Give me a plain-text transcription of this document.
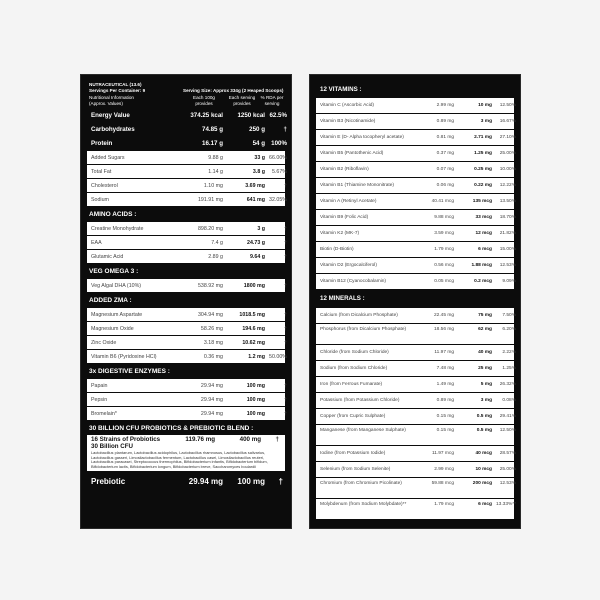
NUTRACEUTICAL (13.6)
Servings Per Container: 9
Nutritional Information (Approx. Values)
Serving Size: Approx 334g (2 Heaped Scoops)
Each 100g provides
Each serving provides
% RDA per serving
Energy Value	374.25 kcal	1250 kcal 62.5%
Carbohydrates	74.85 g	250 g	†
Protein	16.17 g	54 g 100%
Added Sugars	9.88 g	33 g 66.00%
Total Fat	1.14 g	3.8 g	5.67%
Cholesterol	1.10 mg	3.69 mg	†
Sodium	191.91 mg	641 mg 32.05%
AMINO ACIDS :
Creatine Monohydrate	898.20 mg	3 g	†
EAA	7.4 g	24.73 g	†
Glutamic Acid	2.89 g	9.64 g	†
VEG OMEGA 3 :
Veg Algal DHA (10%)	538.92 mg	1800 mg	†
ADDED ZMA :
Magnesium Aspartate	304.94 mg	1018.5 mg	†
Magnesium Oxide	58.26 mg	194.6 mg	†
Zinc Oxide	3.18 mg	10.62 mg	†
Vitamin B6 (Pyridoxine HCl)	0.36 mg	1.2 mg 50.00%
3x DIGESTIVE ENZYMES :
Papain	29.94 mg	100 mg	†
Pepsin	29.94 mg	100 mg	†
Bromelain*	29.94 mg	100 mg	†
30 BILLION CFU PROBIOTICS & PREBIOTIC BLEND :
16 Strains of Probiotics
30 Billion CFU
119.76 mg	400 mg	†
Lactobacillus plantarum, Lactobacillus acidophilus, Lactobacillus rhamnosus, Lactobacillus salivarius, Lactobacillus gasseri, Limosilactobacillus fermentum, Lactobacillus casei, Limosilactobacillus reuteri, Lactobacillus paracasei, Streptococcus thermophilus, Bifidobacterium infantis, Bifidobacterium bifidum, Bifidobacterium lactis, Bifidobacterium longum, Bifidobacterium breve, Saccharomyces boulardii
Prebiotic	29.94 mg	100 mg	†
12 VITAMINS :
Vitamin C (Ascorbic Acid)	2.99 mg	10 mg	12.50%
Vitamin B3 (Nicotinamide)	0.89 mg	3 mg	16.67%
Vitamin E (D- Alpha tocopheryl acetate)	0.81 mg	2.71 mg	27.10%
Vitamin B5 (Pantothenic Acid)	0.37 mg	1.25 mg	25.00%
Vitamin B2 (Riboflavin)	0.07 mg	0.25 mg	10.00%
Vitamin B1 (Thiamine Mononitrate)	0.06 mg	0.22 mg	12.22%
Vitamin A (Retinyl Acetate)	40.41 mcg	135 mcg	13.50%
Vitamin B9 (Folic Acid)	9.88 mcg	33 mcg	18.70%
Vitamin K2 (MK-7)	3.59 mcg	12 mcg	21.82%
Biotin (D-Biotin)	1.79 mcg	6 mcg	15.00%
Vitamin D2 (Ergocalciferol)	0.56 mcg	1.88 mcg	12.53%
Vitamin B12 (Cyanocobalamin)	0.05 mcg	0.2 mcg	9.09%
12 MINERALS :
Calcium (from Dicalcium Phosphate)	22.45 mg	75 mg	7.50%
Phosphorus (from Dicalcium Phosphate)	18.56 mg	62 mg	6.20%
Chloride (from Sodium Chloride)	11.97 mg	40 mg	2.22%
Sodium (from Sodium Chloride)	7.48 mg	25 mg	1.25%
Iron (from Ferrous Fumarate)	1.49 mg	5 mg	26.32%
Potassium (from Potassium Chloride)	0.89 mg	3 mg	0.08%
Copper (from Cupric Sulphate)	0.15 mg	0.5 mg	29.41%
Manganese (from Manganese Sulphate)	0.15 mg	0.5 mg	12.50%
Iodine (from Potassium Iodide)	11.97 mcg	40 mcg	28.57%
Selenium (from Sodium Selenite)	2.99 mcg	10 mcg	25.00%
Chromium (from Chromium Picolinate)	59.88 mcg	200 mcg	12.53%
Molybdenum (from Sodium Molybdate)**	1.79 mcg	6 mcg 13.33%**
